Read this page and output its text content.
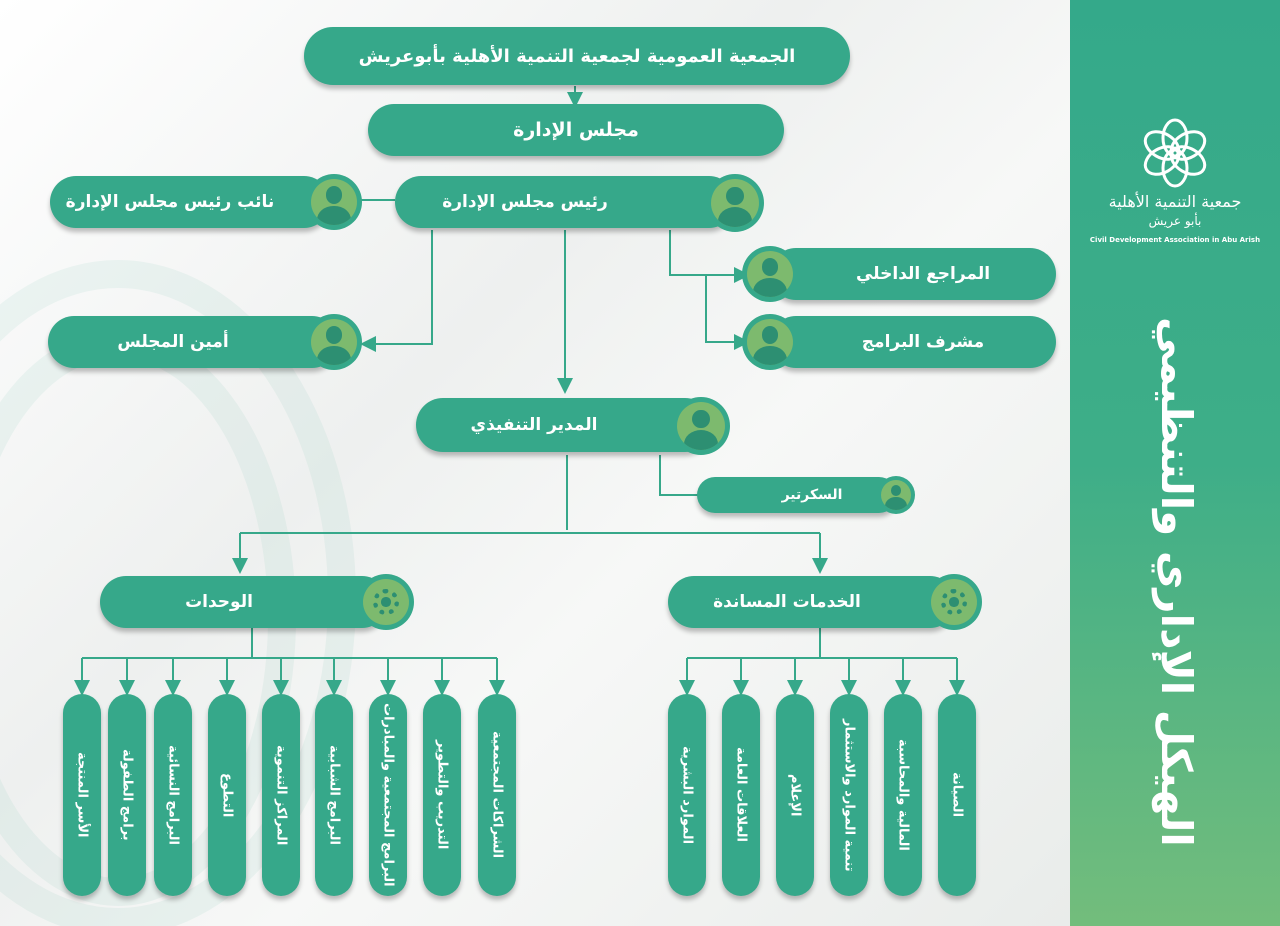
الجمعية العمومية لجمعية التنمية الأهلية بأبوعريش
مجلس الإدارة
رئيس مجلس الإدارة
نائب رئيس مجلس الإدارة
المراجع الداخلي
مشرف البرامج
أمين المجلس
المدير التنفيذي
السكرتير
الوحدات	الخدمات المساندة
الأسر المنتجة برامج الطفولة البرامج النسائية	التطوع	المراكز التنموية	البرامج الشبابية	البرامج المجتمعية والمبادرات	التدريب والتطوير	الشراكات المجتمعية	الموارد البشرية	العلاقات العامة	الإعلام	تنمية الموارد والاستثمار	المالية والمحاسبة	الصيانة
جمعية التنمية الأهلية
بأبو عريش
Civil Development Association in Abu Arish
الهيكل الإداري والتنظيمي
